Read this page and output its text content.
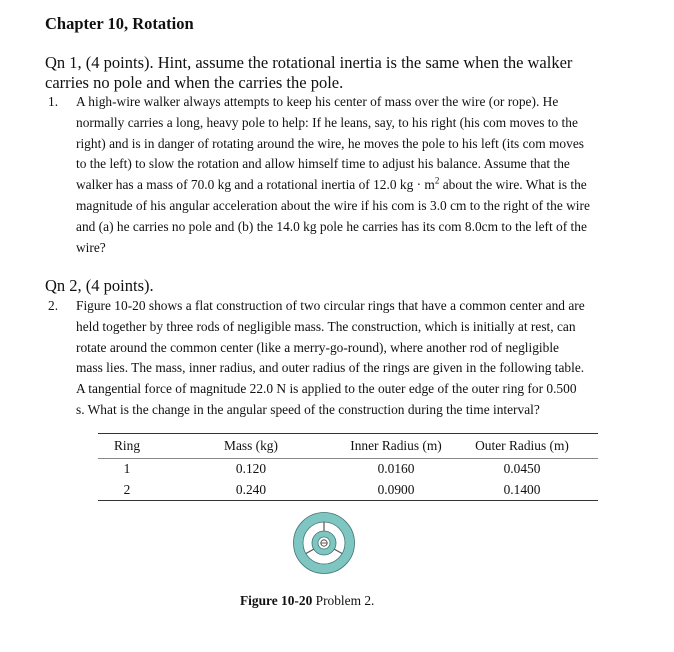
Chapter 10, Rotation
Qn 1, (4 points). Hint, assume the rotational inertia is the same when the walker
carries no pole and when the carries the pole.
1. A high-wire walker always attempts to keep his center of mass over the wire (or rope). He
normally carries a long, heavy pole to help: If he leans, say, to his right (his com moves to the
right) and is in danger of rotating around the wire, he moves the pole to his left (its com moves
to the left) to slow the rotation and allow himself time to adjust his balance. Assume that the
walker has a mass of 70.0 kg and a rotational inertia of 12.0 kg · $m^2$ about the wire. What is the
magnitude of his angular acceleration about the wire if his com is 3.0 cm to the right of the wire
and (a) he carries no pole and (b) the 14.0 kg pole he carries has its com 8.0cm to the left of the
wire?
Qn 2, (4 points).
2. Figure 10-20 shows a flat construction of two circular rings that have a common center and are
held together by three rods of negligible mass. The construction, which is initially at rest, can
rotate around the common center (like a merry-go-round), where another rod of negligible
mass lies. The mass, inner radius, and outer radius of the rings are given in the following table.
A tangential force of magnitude 22.0 N is applied to the outer edge of the outer ring for 0.500
s. What is the change in the angular speed of the construction during the time interval?
Ring	Mass (kg)	Inner Radius (m)	Outer Radius (m)
1	0.120	0.0160	0.0450
2	0.240	0.0900	0.1400
Figure 10-20 Problem 2.
